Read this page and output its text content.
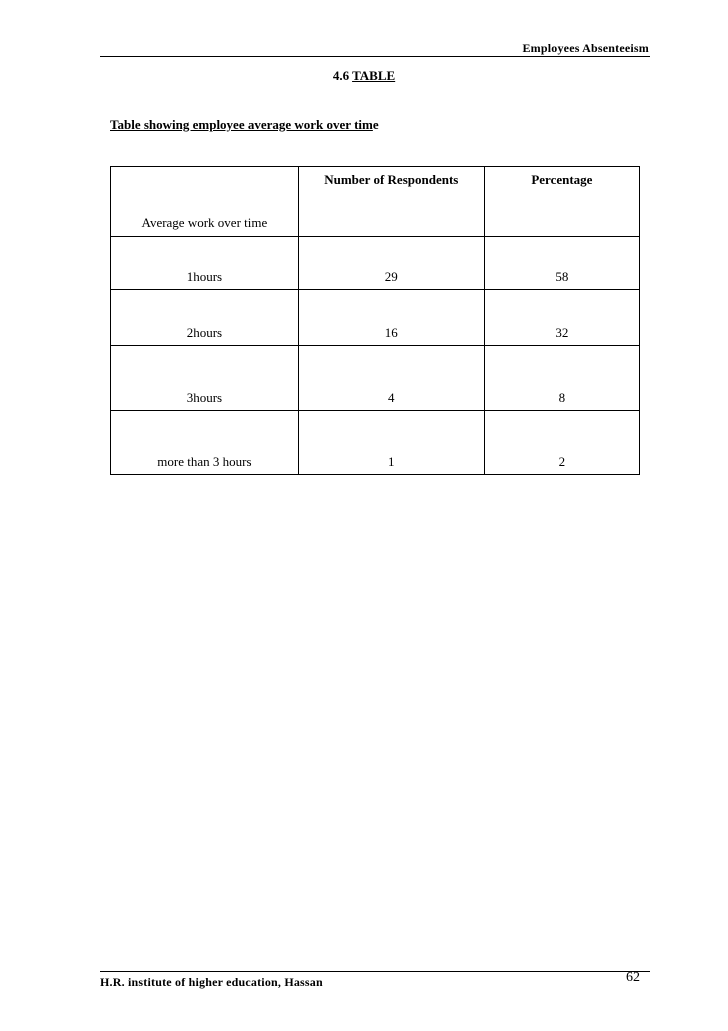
Employees Absenteeism
4.6 TABLE
Table showing employee average work over time
Average work over time	Number of Respondents	Percentage
1hours	29	58
2hours	16	32
3hours	4	8
more than 3 hours	1	2
H.R. institute of higher education, Hassan	62
